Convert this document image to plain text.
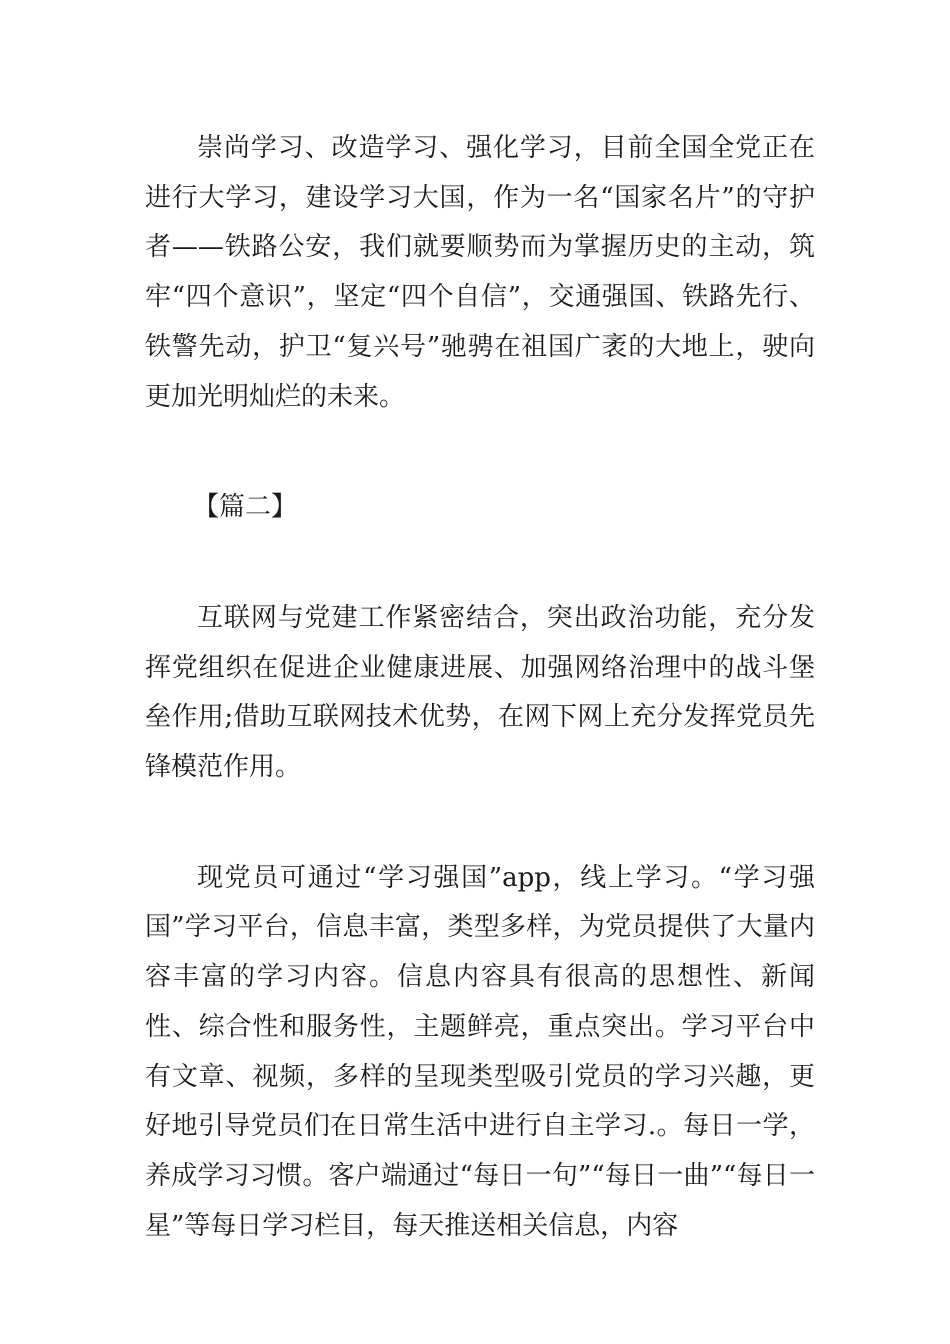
崇尚学习、改造学习、强化学习，目前全国全党正在进行大学习，建设学习大国，作为一名“国家名片”的守护者——铁路公安，我们就要顺势而为掌握历史的主动，筑牢“四个意识”，坚定“四个自信”，交通强国、铁路先行、铁警先动，护卫“复兴号”驰骋在祖国广袤的大地上，驶向更加光明灿烂的未来。

【篇二】

互联网与党建工作紧密结合，突出政治功能，充分发挥党组织在促进企业健康进展、加强网络治理中的战斗堡垒作用;借助互联网技术优势，在网下网上充分发挥党员先锋模范作用。

现党员可通过“学习强国”app，线上学习。“学习强国”学习平台，信息丰富，类型多样，为党员提供了大量内容丰富的学习内容。信息内容具有很高的思想性、新闻性、综合性和服务性，主题鲜亮，重点突出。学习平台中有文章、视频，多样的呈现类型吸引党员的学习兴趣，更好地引导党员们在日常生活中进行自主学习.。每日一学，养成学习习惯。客户端通过“每日一句”“每日一曲”“每日一星”等每日学习栏目，每天推送相关信息，内容
